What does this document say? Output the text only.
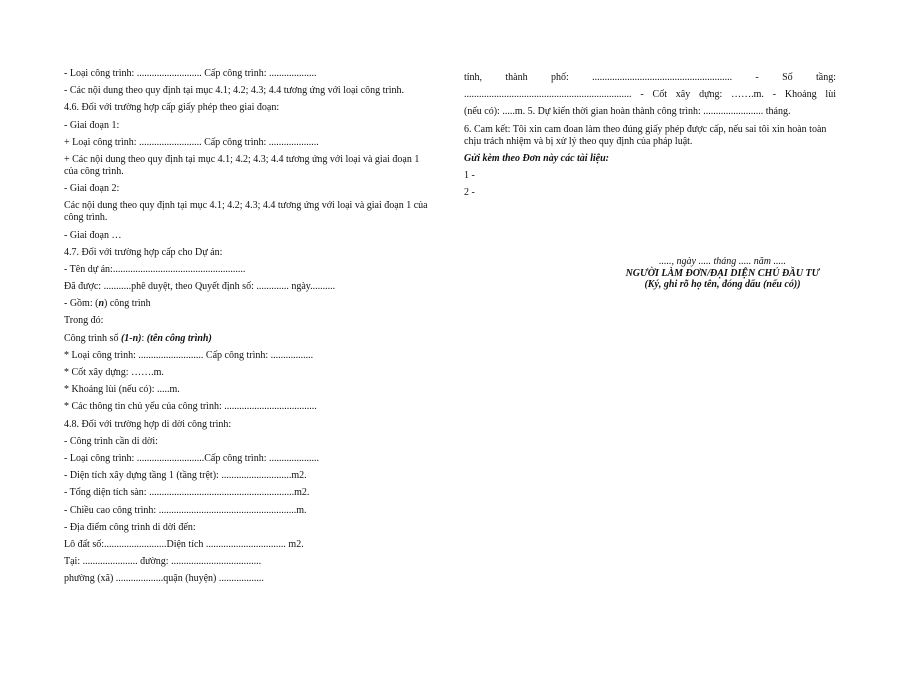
- Loại công trình: .......................... Cấp công trình: ...................

- Các nội dung theo quy định tại mục 4.1; 4.2; 4.3; 4.4 tương ứng với loại công trình.

4.6. Đối với trường hợp cấp giấy phép theo giai đoạn:

- Giai đoạn 1:

+ Loại công trình: ......................... Cấp công trình: ....................

+ Các nội dung theo quy định tại mục 4.1; 4.2; 4.3; 4.4 tương ứng với loại và giai đoạn 1 của công trình.

- Giai đoạn 2:

Các nội dung theo quy định tại mục 4.1; 4.2; 4.3; 4.4 tương ứng với loại và giai đoạn 1 của công trình.

- Giai đoạn …

4.7. Đối với trường hợp cấp cho Dự án:

- Tên dự án:.....................................................

Đã được: ...........phê duyệt, theo Quyết định số: ............. ngày..........

- Gồm: (n) công trình

Trong đó:

Công trình số (1-n): (tên công trình)

* Loại công trình: .......................... Cấp công trình: .................

* Cốt xây dựng: …….m.

* Khoảng lùi (nếu có): .....m.

* Các thông tin chủ yếu của công trình: .....................................

4.8. Đối với trường hợp di dời công trình:

- Công trình cần di dời:

- Loại công trình: ...........................Cấp công trình: ....................

- Diện tích xây dựng tầng 1 (tầng trệt): ............................m2.

- Tổng diện tích sàn: ..........................................................m2.

- Chiều cao công trình: .......................................................m.

- Địa điểm công trình di dời đến:

Lô đất số:.........................Diện tích ................................ m2.

Tại: ...................... đường: ....................................

phường (xã) ...................quận (huyện) ..................

tỉnh, thành phố: ........................................................ - Số tầng:

................................................................... - Cốt xây dựng: …….m. - Khoảng lùi

(nếu có): .....m. 5. Dự kiến thời gian hoàn thành công trình: ........................ tháng.

6. Cam kết: Tôi xin cam đoan làm theo đúng giấy phép được cấp, nếu sai tôi xin hoàn toàn chịu trách nhiệm và bị xử lý theo quy định của pháp luật.

Gửi kèm theo Đơn này các tài liệu:

1 -

2 -

....., ngày ..... tháng ..... năm .....
NGƯỜI LÀM ĐƠN/ĐẠI DIỆN CHỦ ĐẦU TƯ
(Ký, ghi rõ họ tên, đóng dấu (nếu có))
